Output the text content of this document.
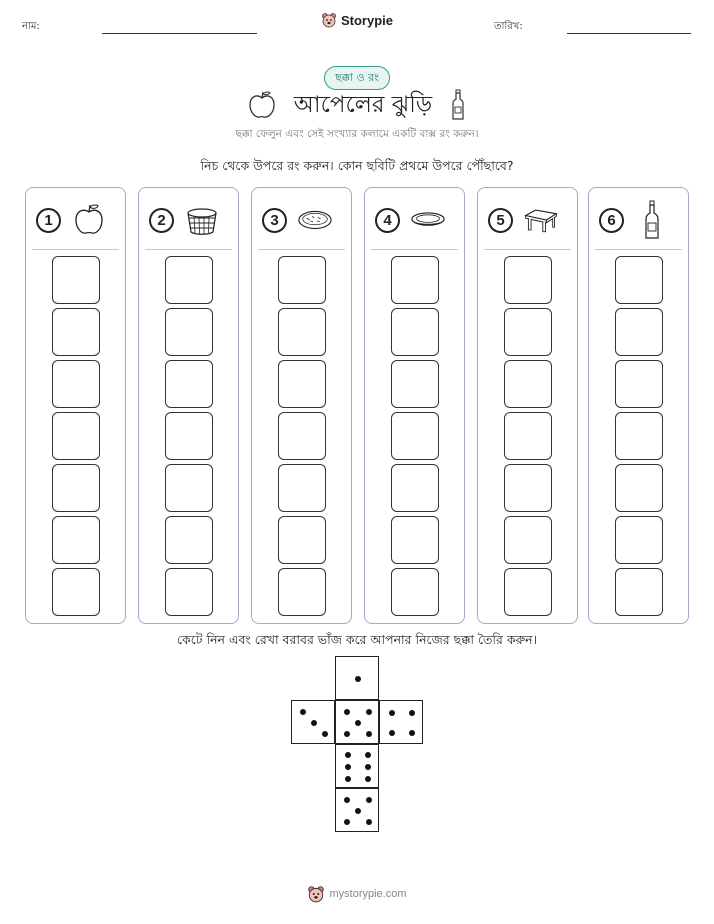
নাম:	Storypie	তারিখ:
ছক্কা ও রং
আপেলের ঝুড়ি
ছক্কা ফেলুন এবং সেই সংখ্যার কলামে একটি বাক্স রং করুন।
নিচ থেকে উপরে রং করুন। কোন ছবিটি প্রথমে উপরে পৌঁছাবে?
1	2	3	4	5	6
কেটে নিন এবং রেখা বরাবর ভাঁজ করে আপনার নিজের ছক্কা তৈরি করুন।
mystorypie.com
